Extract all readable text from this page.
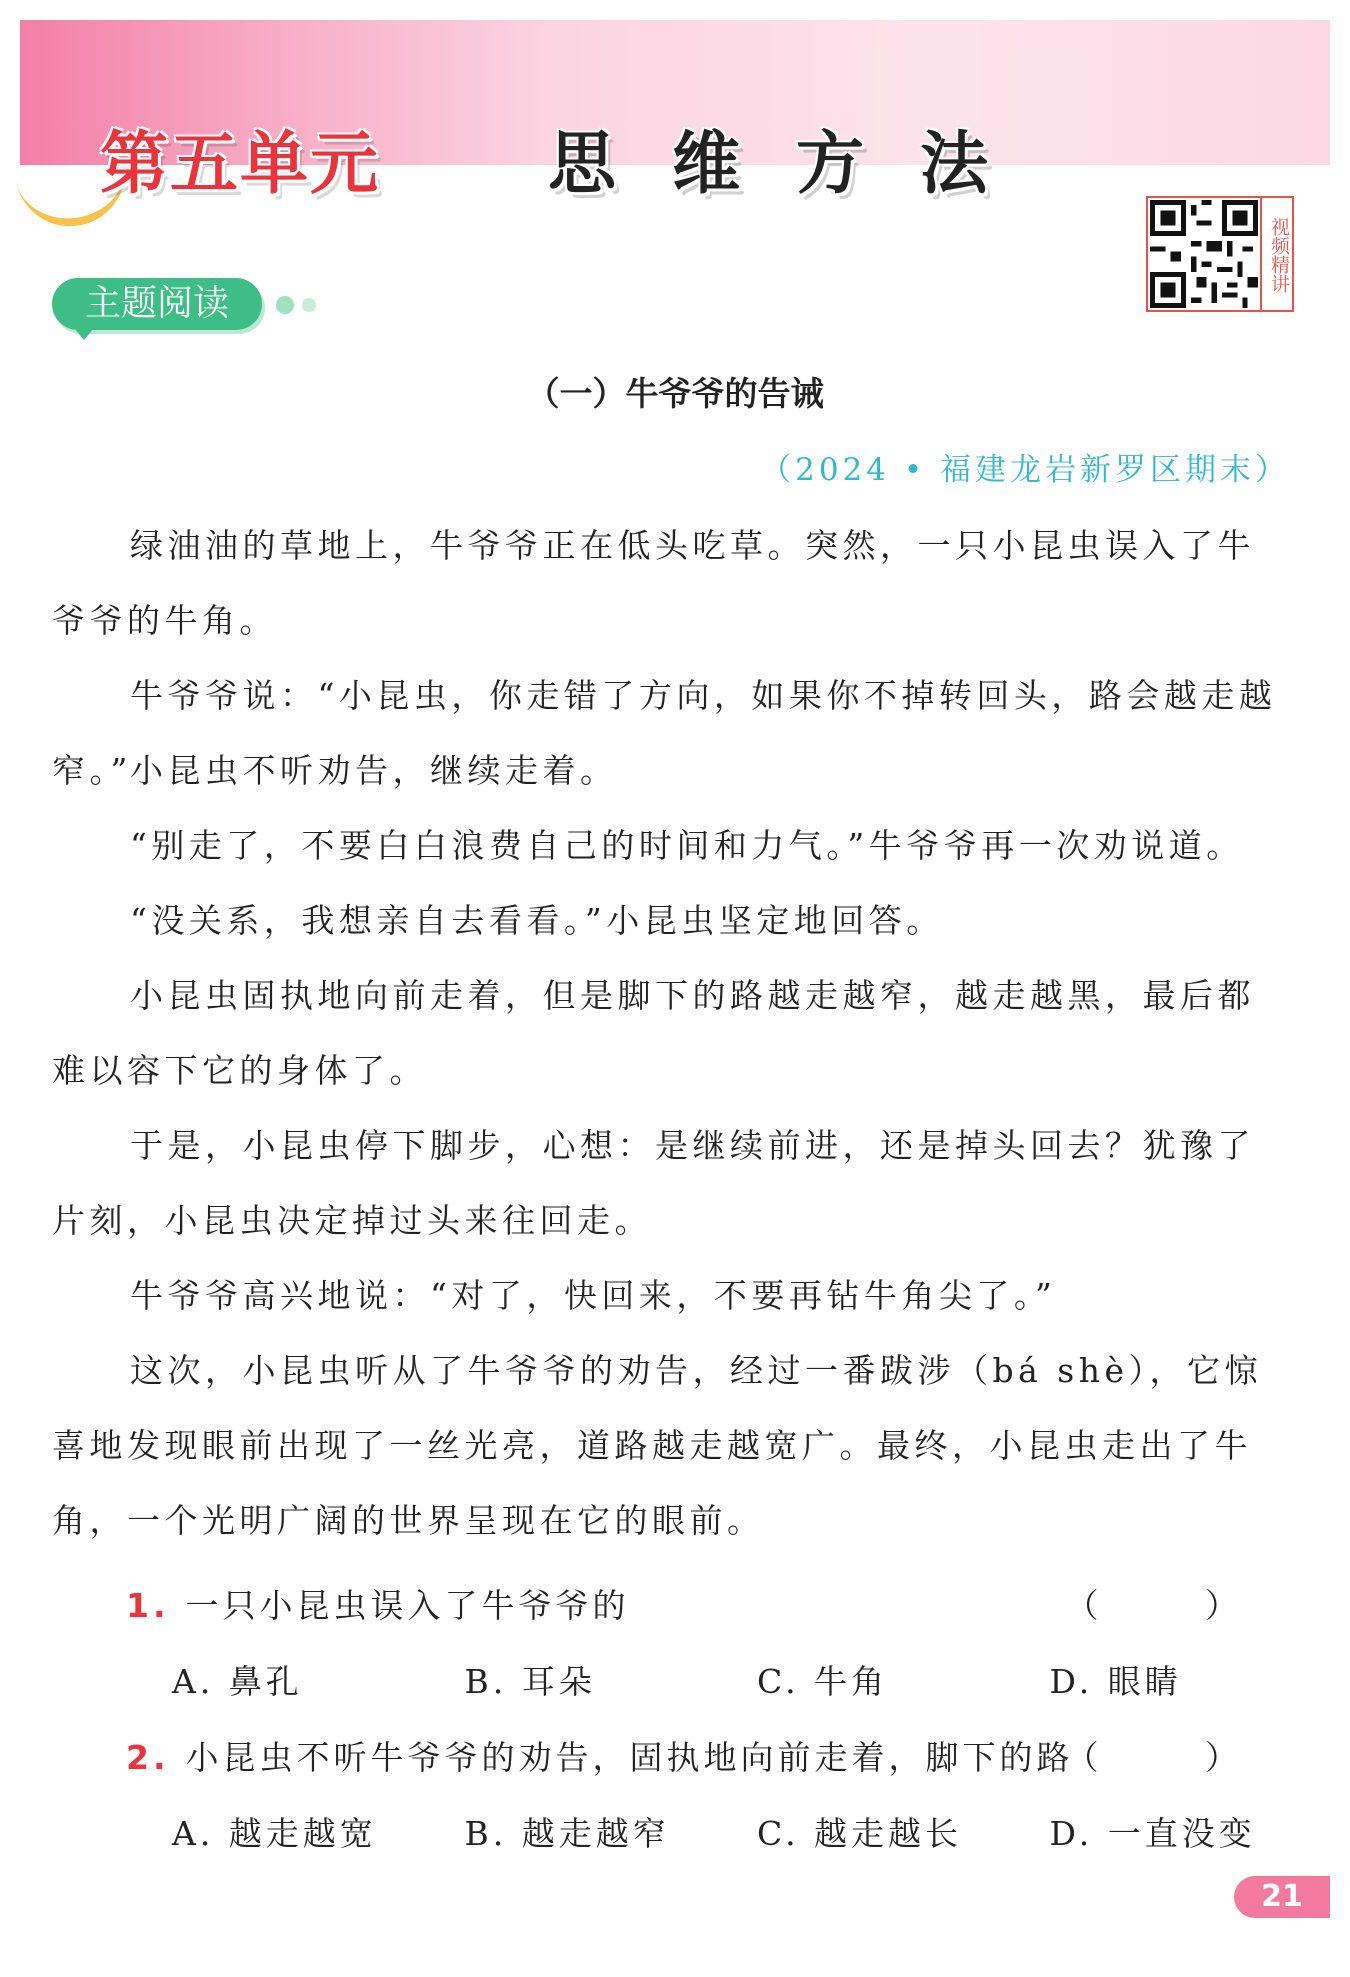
第五单元 思维方法
视频精讲
主题阅读
（一）牛爷爷的告诫
（2024 • 福建龙岩新罗区期末）

绿油油的草地上，牛爷爷正在低头吃草。突然，一只小昆虫误入了牛爷爷的牛角。

牛爷爷说：“小昆虫，你走错了方向，如果你不掉转回头，路会越走越窄。”

小昆虫不听劝告，继续走着。

“别走了，不要白白浪费自己的时间和力气。”牛爷爷再一次劝说道。

“没关系，我想亲自去看看。”小昆虫坚定地回答。

小昆虫固执地向前走着，但是脚下的路越走越窄，越走越黑，最后都难以容下它的身体了。

于是，小昆虫停下脚步，心想：是继续前进，还是掉头回去？犹豫了片刻，小昆虫决定掉过头来往回走。

牛爷爷高兴地说：“对了，快回来，不要再钻牛角尖了。”

这次，小昆虫听从了牛爷爷的劝告，经过一番跋涉（bá shè），它惊喜地发现眼前出现了一丝光亮，道路越走越宽广。最终，小昆虫走出了牛角，一个光明广阔的世界呈现在它的眼前。

1. 一只小昆虫误入了牛爷爷的	（ ）
A. 鼻孔	B. 耳朵	C. 牛角	D. 眼睛
2. 小昆虫不听牛爷爷的劝告，固执地向前走着，脚下的路
（ ）
A. 越走越宽	B. 越走越窄	C. 越走越长	D. 一直没变
21
